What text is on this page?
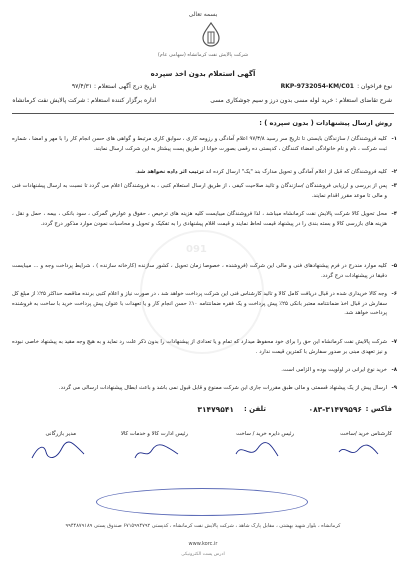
091
بسمه تعالی
شرکت پالایش نفت کرمانشاه (سهامی عام)
آگهی استعلام بدون اخذ سپرده
نوع فراخوان :
RKP-9732054-KM/C01
تاریخ درج آگهی استعلام : ۹۷/۴/۳۱
شرح تقاضای استعلام : خرید لوله مسی بدون درز و سیم جوشکاری مسی
اداره برگزار کننده استعلام : شرکت پالایش نفت کرمانشاه
روش ارسال پیشنهادات ( بدون سپرده ) :
۱-
کلیه فروشندگان / سازندگان بایستی تا تاریخ سر رسید ۹۷/۳/۸ اعلام آمادگی و رزومه کاری ، سوابق کاری مرتبط و گواهی های حسن انجام کار را با مهر و امضا ، شماره ثبت شرکت ، نام و نام خانوادگی امضاء کنندگان ، کدپستی ده رقمی بصورت خوانا از طریق پست پیشتاز به این شرکت ارسال نمایند.
۲-
کلیه فروشندگان که قبل از اعلام آمادگی و تحویل مدارک بند "یک" ارسال کرده اند ترتیب اثر داده نخواهد شد.
۳-
پس از بررسی و ارزیابی فروشندگان /سازندگان و تائید صلاحیت کیفی ، از طریق ارسال استعلام کتبی ، به فروشندگان اعلام می گردد تا نسبت به ارسال پیشنهادات فنی و مالی تا موعد مقرر اقدام نمایند.
۴-
محل تحویل کالا شرکت پالایش نفت کرمانشاه میباشد ، لذا فروشندگان میبایست کلیه هزینه های ترخیص ، حقوق و عوارض گمرکی ، سود بانکی ، بیمه ، حمل و نقل ، هزینه های بازرسی کالا و بسته بندی را در پیشنهاد قیمت لحاظ نمایند و قیمت اقلام پیشنهادی را به تفکیک و تحویل و محاسبات نمودن موارد مذکور درج گردد.
۵-
کلیه موارد مندرج در فرم پیشنهادهای فنی و مالی این شرکت (فروشنده ، خصوصا زمان تحویل ، کشور سازنده (کارخانه سازنده ) ، شرایط پرداخت وجه و ... میبایست دقیقا در پیشنهادات درج گردد.
۶-
وجه کالا خریداری شده در قبال دریافت کامل کالا و تائید کارشناس فنی این شرکت پرداخت خواهد شد ، در صورت نیاز و اعلام کتبی برنده مناقصه حداکثر ۲۵٪ از مبلغ کل سفارش در قبال اخذ ضمانتنامه معتبر بانکی ۲۵٪ پیش پرداخت و یک فقره ضمانتنامه ۱۰٪ حسن انجام کار و یا تعهدات با عنوان پیش پرداخت خرید با ساخت به فروشنده پرداخت خواهد شد.
۷-
شرکت پالایش نفت کرمانشاه این حق را برای خود محفوظ میدارد که تمام و یا تعدادی از پیشنهادات را بدون ذکر علت رد نماید و به هیچ وجه مقید به پیشنهاد خاصی نبوده و نیز تعهدی مبنی بر صدور سفارش با کمترین قیمت ندارد .
۸-
خرید نوع ایرانی در اولویت بوده و الزامی است.
۹-
ارسال پیش از یک پیشنهاد قسمتی و مالی طبق مقررات جاری این شرکت ممنوع و قابل قبول نمی باشد و باعث ابطال پیشنهادات ارسالی می گردد.
فاکس :
۰۸۳-۳۱۴۷۹۵۹۶
تلفن :
۳۱۴۷۹۵۴۱
کارشناس خرید /ساخت
رئیس دایره خرید / ساخت
رئیس ادارت کالا و خدمات کالا
مدیر بازرگانی
کرمانشاه ، بلوار شهید بهشتی ، مقابل پارک شاهد ، شرکت پالایش نفت کرمانشاه ، کدپستی ۶۷۱۵۹۹۴۷۹۲ صندوق پستی ۹۹۴۴۸۷۹۱۸۹
www.korc.ir
ادرس پست الکترونیکی
